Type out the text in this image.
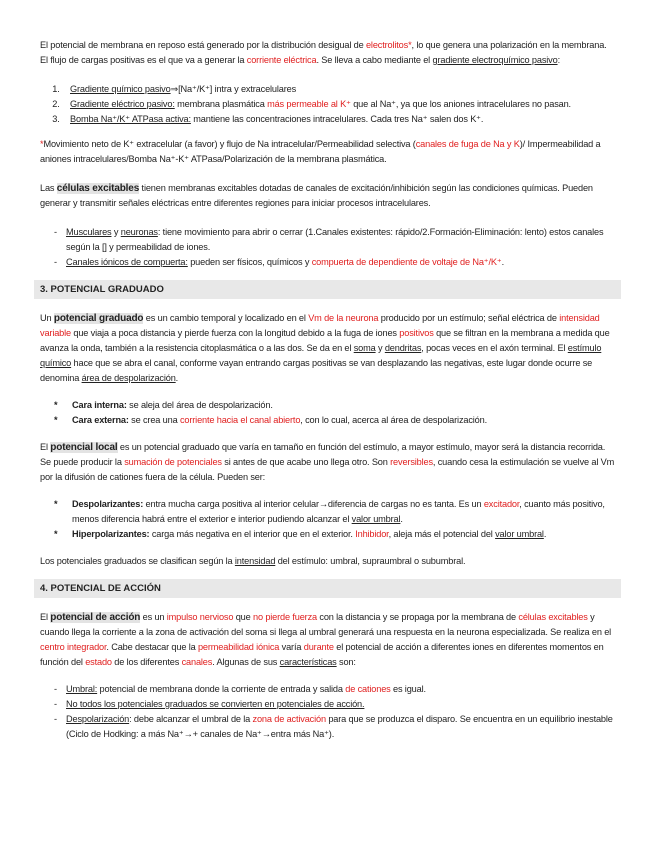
El potencial de membrana en reposo está generado por la distribución desigual de electrolitos*, lo que genera una polarización en la membrana. El flujo de cargas positivas es el que va a generar la corriente eléctrica. Se lleva a cabo mediante el gradiente electroquímico pasivo:

1. Gradiente químico pasivo⇒[Na⁺/K⁺] intra y extracelulares
2. Gradiente eléctrico pasivo: membrana plasmática más permeable al K⁺ que al Na⁺, ya que los aniones intracelulares no pasan.
3. Bomba Na⁺/K⁺ ATPasa activa: mantiene las concentraciones intracelulares. Cada tres Na⁺ salen dos K⁺.

*Movimiento neto de K⁺ extracelular (a favor) y flujo de Na intracelular/Permeabilidad selectiva (canales de fuga de Na y K)/ Impermeabilidad a aniones intracelulares/Bomba Na⁺-K⁺ ATPasa/Polarización de la membrana plasmática.

Las células excitables tienen membranas excitables dotadas de canales de excitación/inhibición según las condiciones químicas. Pueden generar y transmitir señales eléctricas entre diferentes regiones para iniciar procesos intracelulares.

- Musculares y neuronas: tiene movimiento para abrir o cerrar (1.Canales existentes: rápido/2.Formación-Eliminación: lento) estos canales según la [] y permeabilidad de iones.
- Canales iónicos de compuerta: pueden ser físicos, químicos y compuerta de dependiente de voltaje de Na⁺/K⁺.
3. POTENCIAL GRADUADO

Un potencial graduado es un cambio temporal y localizado en el Vm de la neurona producido por un estímulo; señal eléctrica de intensidad variable que viaja a poca distancia y pierde fuerza con la longitud debido a la fuga de iones positivos que se filtran en la membrana a medida que avanza la onda, también a la resistencia citoplasmática o a las dos. Se da en el soma y dendritas, pocas veces en el axón terminal. El estímulo químico hace que se abra el canal, conforme vayan entrando cargas positivas se van desplazando las negativas, este lugar donde ocurre se denomina área de despolarización.

* Cara interna: se aleja del área de despolarización.
* Cara externa: se crea una corriente hacia el canal abierto, con lo cual, acerca al área de despolarización.

El potencial local es un potencial graduado que varía en tamaño en función del estímulo, a mayor estímulo, mayor será la distancia recorrida. Se puede producir la sumación de potenciales si antes de que acabe uno llega otro. Son reversibles, cuando cesa la estimulación se vuelve al Vm por la difusión de cationes fuera de la célula. Pueden ser:

* Despolarizantes: entra mucha carga positiva al interior celular→diferencia de cargas no es tanta. Es un excitador, cuanto más positivo, menos diferencia habrá entre el exterior e interior pudiendo alcanzar el valor umbral.
* Hiperpolarizantes: carga más negativa en el interior que en el exterior. Inhibidor, aleja más el potencial del valor umbral.

Los potenciales graduados se clasifican según la intensidad del estímulo: umbral, supraumbral o subumbral.

4. POTENCIAL DE ACCIÓN

El potencial de acción es un impulso nervioso que no pierde fuerza con la distancia y se propaga por la membrana de células excitables y cuando llega la corriente a la zona de activación del soma si llega al umbral generará una respuesta en la neurona especializada. Se realiza en el centro integrador. Cabe destacar que la permeabilidad iónica varía durante el potencial de acción a diferentes iones en diferentes momentos en función del estado de los diferentes canales. Algunas de sus características son:

- Umbral: potencial de membrana donde la corriente de entrada y salida de cationes es igual.
- No todos los potenciales graduados se convierten en potenciales de acción.
- Despolarización: debe alcanzar el umbral de la zona de activación para que se produzca el disparo. Se encuentra en un equilibrio inestable (Ciclo de Hodking: a más Na⁺→+ canales de Na⁺→entra más Na⁺).
